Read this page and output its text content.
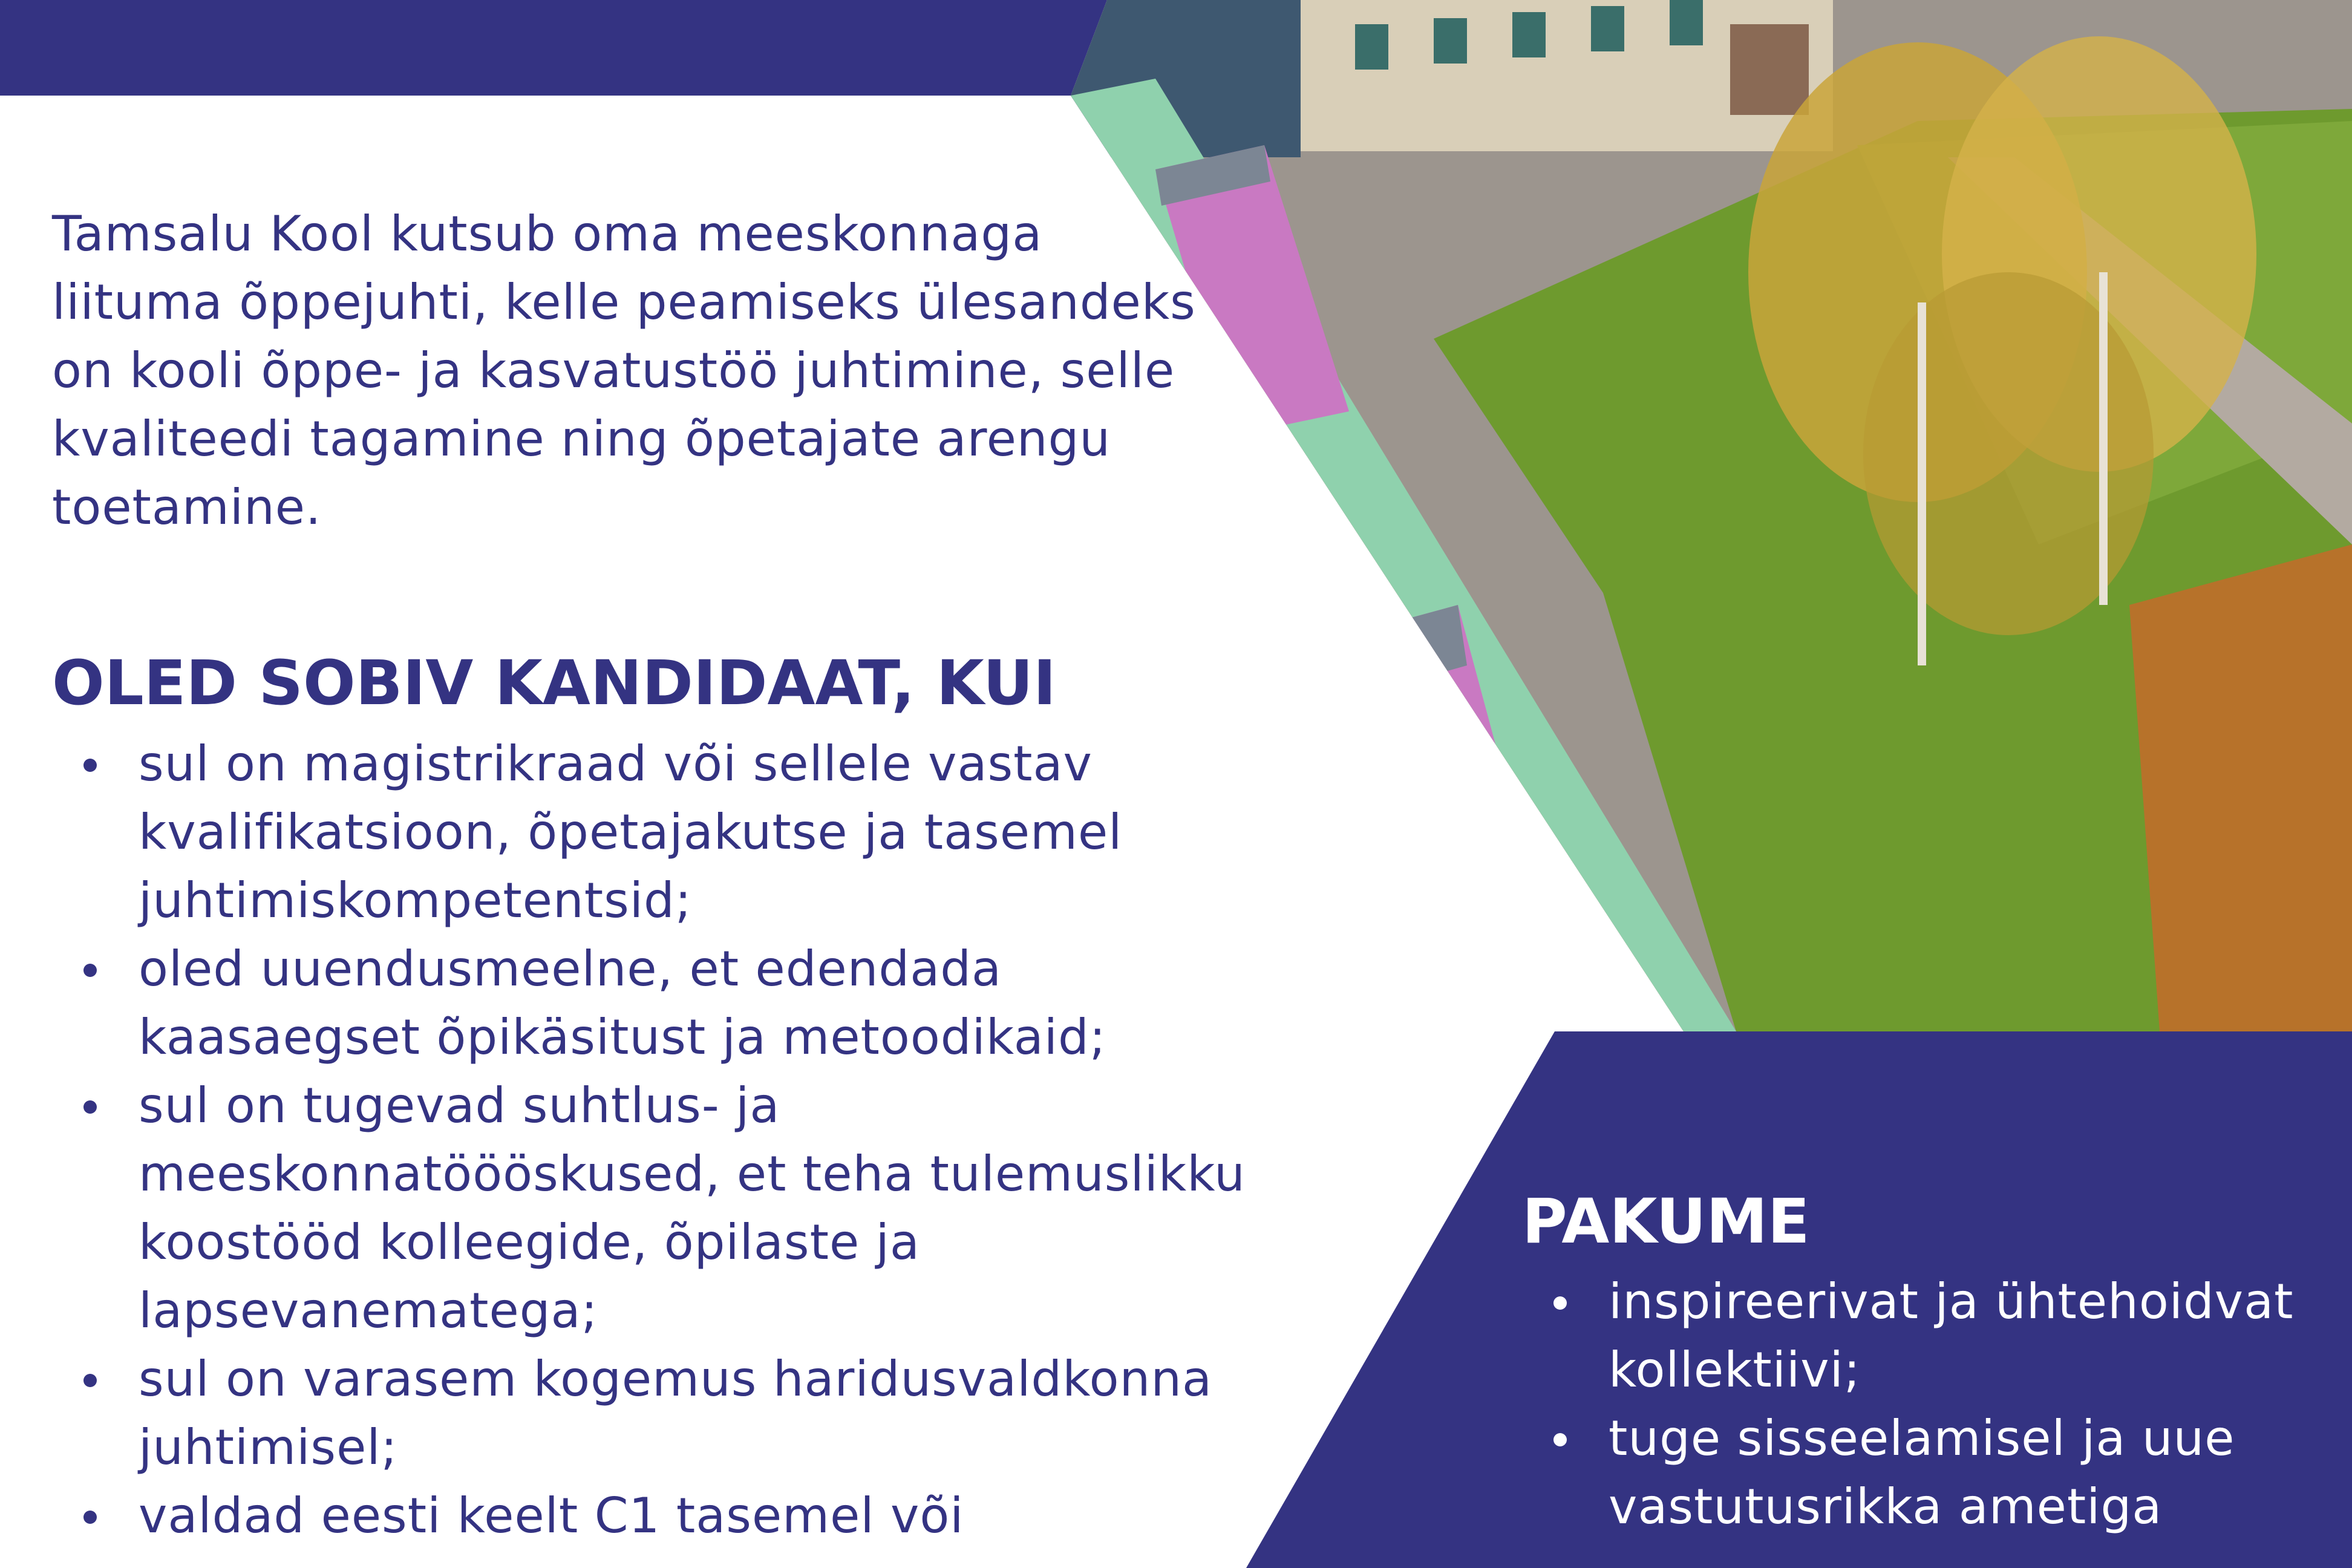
Tamsalu Kool kutsub oma meeskonnaga liituma õppejuhti, kelle peamiseks ülesandeks on kooli õppe- ja kasvatustöö juhtimine, selle kvaliteedi tagamine ning õpetajate arengu toetamine.

OLED SOBIV KANDIDAAT, KUI
sul on magistrikraad või sellele vastav kvalifikatsioon, õpetajakutse ja tasemel juhtimiskompetentsid;
oled uuendusmeelne, et edendada kaasaegset õpikäsitust ja metoodikaid;
sul on tugevad suhtlus- ja meeskonnatöööskused, et teha tulemuslikku koostööd kolleegide, õpilaste ja lapsevanematega;
sul on varasem kogemus haridusvaldkonna juhtimisel;
valdad eesti keelt C1 tasemel või
PAKUME
inspireerivat ja ühtehoidvat kollektiivi;
tuge sisseelamisel ja uue vastutusrikka ametiga
